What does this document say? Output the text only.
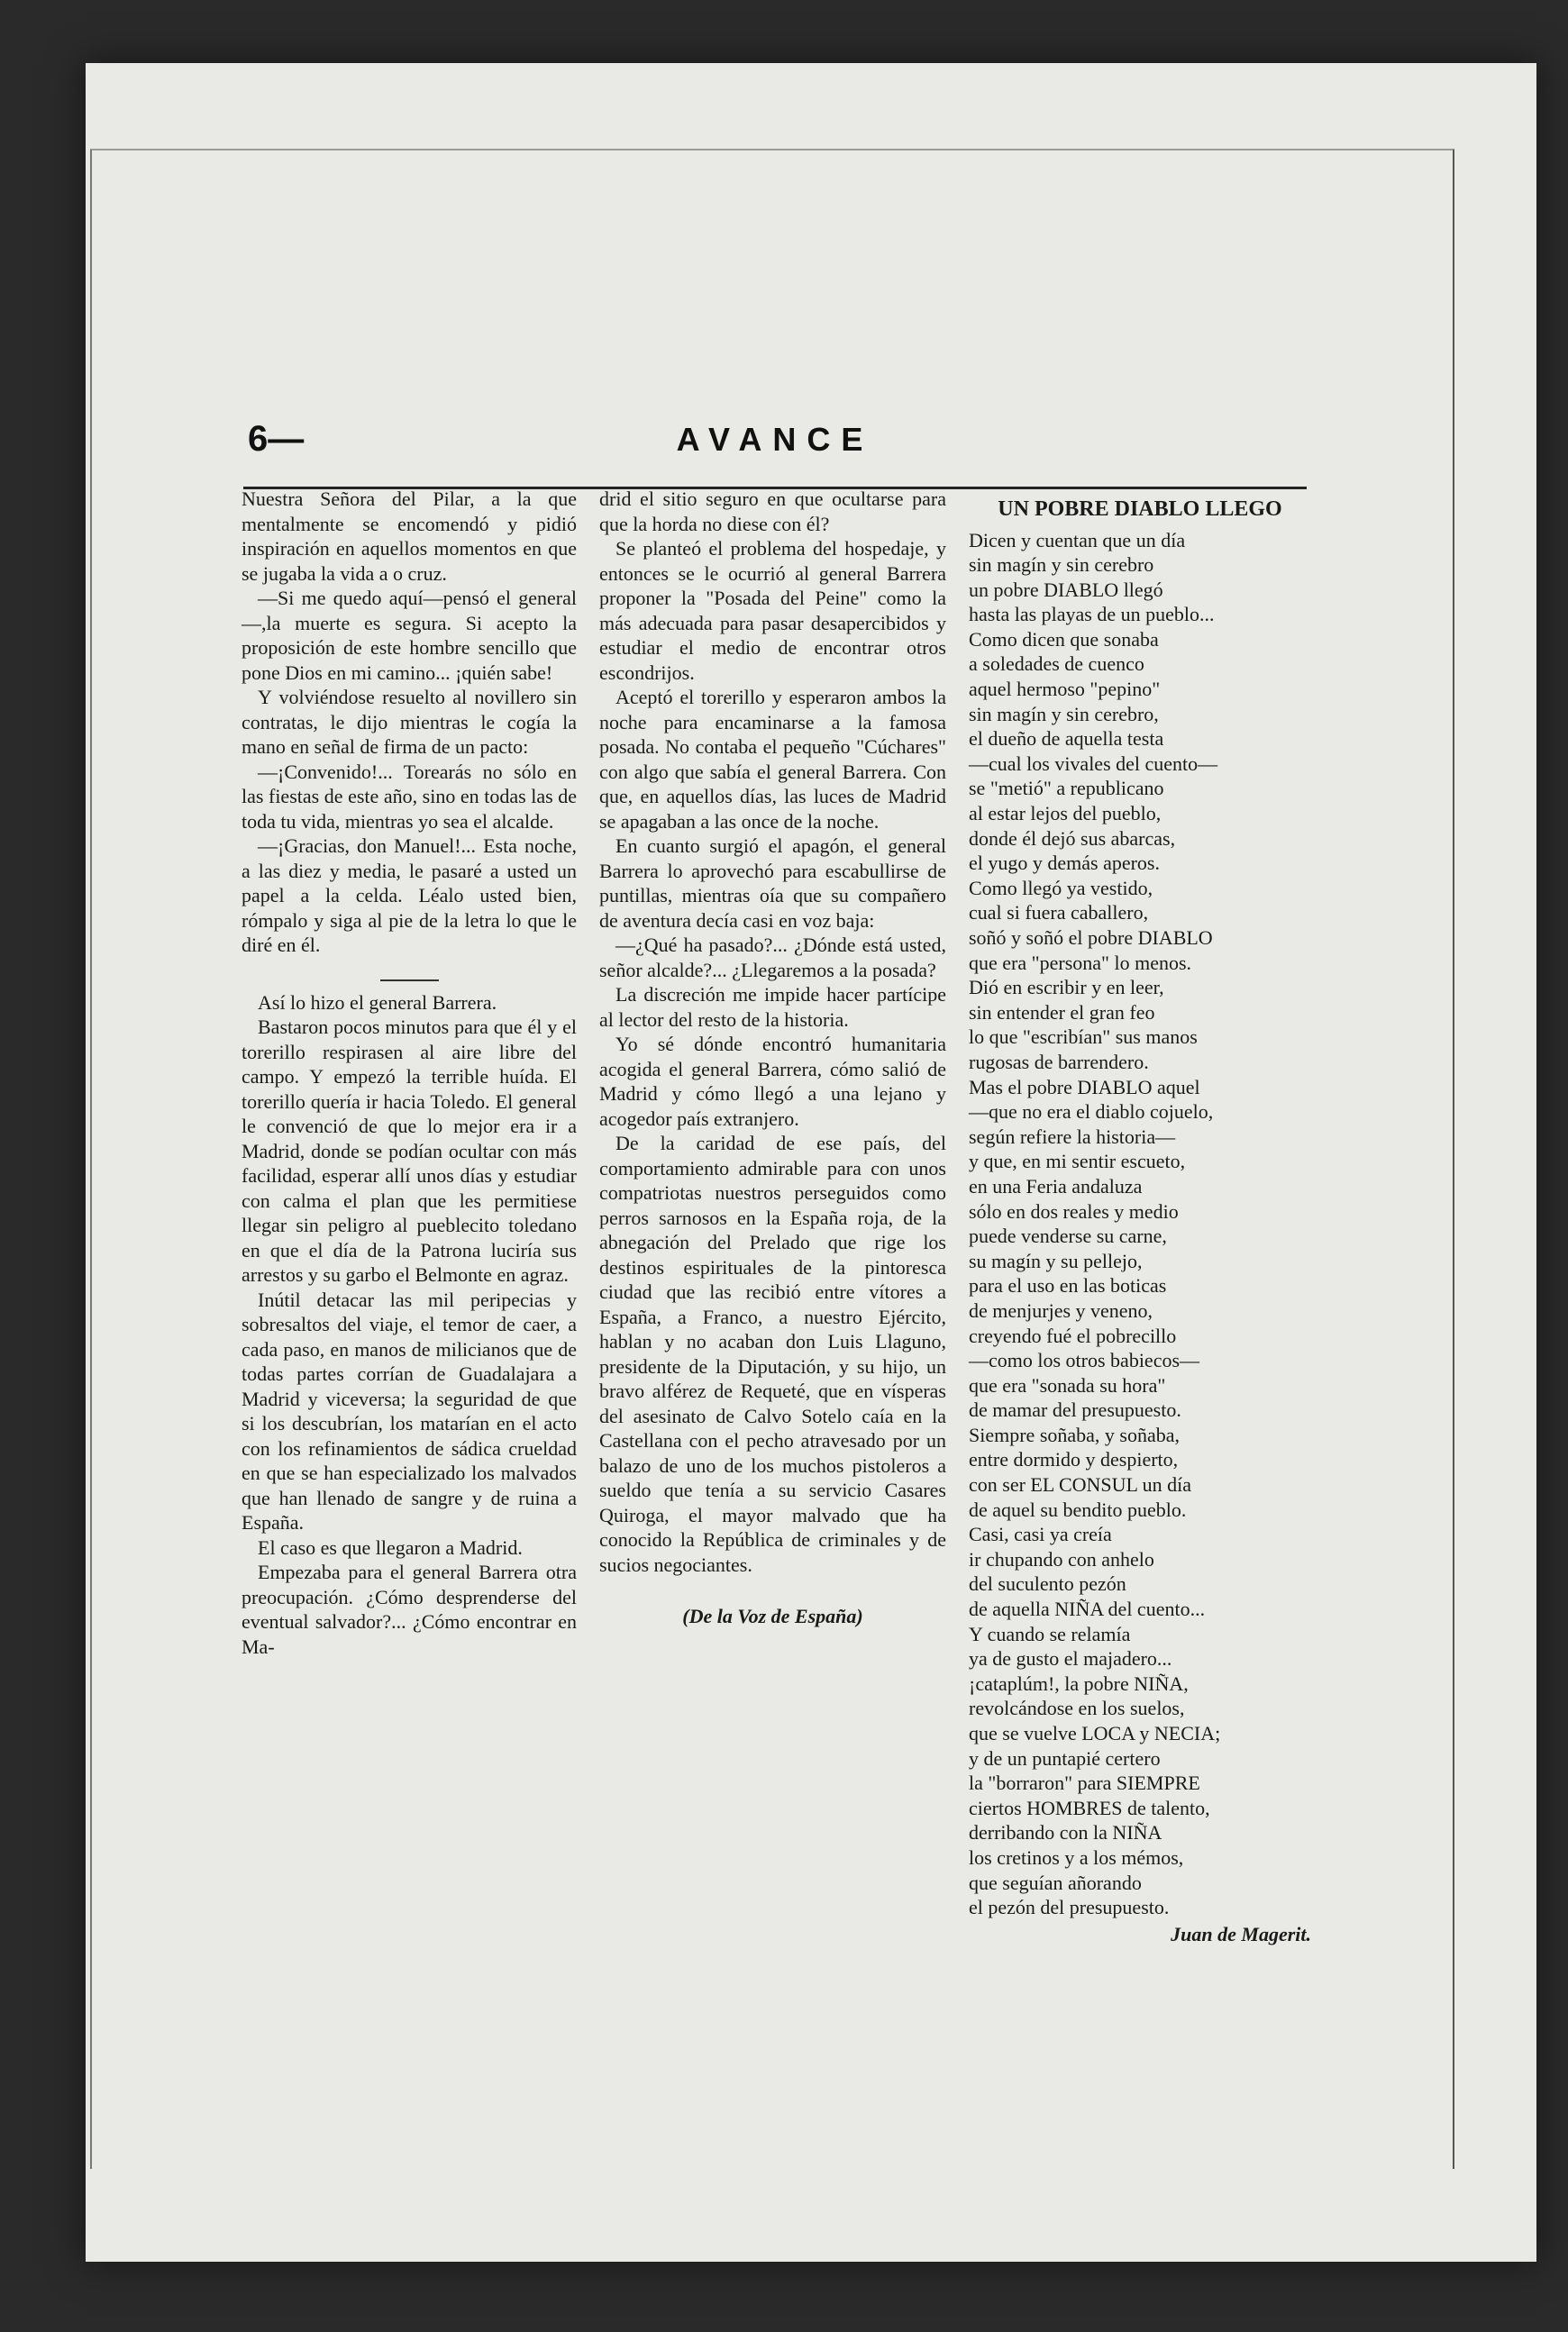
6—	AVANCE

Nuestra Señora del Pilar, a la que mentalmente se encomendó y pidió inspiración en aquellos momentos en que se jugaba la vida a o cruz.

—Si me quedo aquí—pensó el general—,la muerte es segura. Si acepto la proposición de este hombre sencillo que pone Dios en mi camino... ¡quién sabe!

Y volviéndose resuelto al novillero sin contratas, le dijo mientras le cogía la mano en señal de firma de un pacto:

—¡Convenido!... Torearás no sólo en las fiestas de este año, sino en todas las de toda tu vida, mientras yo sea el alcalde.

—¡Gracias, don Manuel!... Esta noche, a las diez y media, le pasaré a usted un papel a la celda. Léalo usted bien, rómpalo y siga al pie de la letra lo que le diré en él.

Así lo hizo el general Barrera.

Bastaron pocos minutos para que él y el torerillo respirasen al aire libre del campo. Y empezó la terrible huída. El torerillo quería ir hacia Toledo. El general le convenció de que lo mejor era ir a Madrid, donde se podían ocultar con más facilidad, esperar allí unos días y estudiar con calma el plan que les permitiese llegar sin peligro al pueblecito toledano en que el día de la Patrona luciría sus arrestos y su garbo el Belmonte en agraz.

Inútil detacar las mil peripecias y sobresaltos del viaje, el temor de caer, a cada paso, en manos de milicianos que de todas partes corrían de Guadalajara a Madrid y viceversa; la seguridad de que si los descubrían, los matarían en el acto con los refinamientos de sádica crueldad en que se han especializado los malvados que han llenado de sangre y de ruina a España.

El caso es que llegaron a Madrid.

Empezaba para el general Barrera otra preocupación. ¿Cómo desprenderse del eventual salvador?... ¿Cómo encontrar en Ma-

drid el sitio seguro en que ocultarse para que la horda no diese con él?

Se planteó el problema del hospedaje, y entonces se le ocurrió al general Barrera proponer la "Posada del Peine" como la más adecuada para pasar desapercibidos y estudiar el medio de encontrar otros escondrijos.

Aceptó el torerillo y esperaron ambos la noche para encaminarse a la famosa posada. No contaba el pequeño "Cúchares" con algo que sabía el general Barrera. Con que, en aquellos días, las luces de Madrid se apagaban a las once de la noche.

En cuanto surgió el apagón, el general Barrera lo aprovechó para escabullirse de puntillas, mientras oía que su compañero de aventura decía casi en voz baja:

—¿Qué ha pasado?... ¿Dónde está usted, señor alcalde?... ¿Llegaremos a la posada?

La discreción me impide hacer partícipe al lector del resto de la historia.

Yo sé dónde encontró humanitaria acogida el general Barrera, cómo salió de Madrid y cómo llegó a una lejano y acogedor país extranjero.

De la caridad de ese país, del comportamiento admirable para con unos compatriotas nuestros perseguidos como perros sarnosos en la España roja, de la abnegación del Prelado que rige los destinos espirituales de la pintoresca ciudad que las recibió entre vítores a España, a Franco, a nuestro Ejército, hablan y no acaban don Luis Llaguno, presidente de la Diputación, y su hijo, un bravo alférez de Requeté, que en vísperas del asesinato de Calvo Sotelo caía en la Castellana con el pecho atravesado por un balazo de uno de los muchos pistoleros a sueldo que tenía a su servicio Casares Quiroga, el mayor malvado que ha conocido la República de criminales y de sucios negociantes.

(De la Voz de España)
UN POBRE DIABLO LLEGO
Dicen y cuentan que un día
sin magín y sin cerebro
un pobre DIABLO llegó
hasta las playas de un pueblo...
Como dicen que sonaba
a soledades de cuenco
aquel hermoso "pepino"
sin magín y sin cerebro,
el dueño de aquella testa
—cual los vivales del cuento—
se "metió" a republicano
al estar lejos del pueblo,
donde él dejó sus abarcas,
el yugo y demás aperos.
Como llegó ya vestido,
cual si fuera caballero,
soñó y soñó el pobre DIABLO
que era "persona" lo menos.
Dió en escribir y en leer,
sin entender el gran feo
lo que "escribían" sus manos
rugosas de barrendero.
Mas el pobre DIABLO aquel
—que no era el diablo cojuelo,
según refiere la historia—
y que, en mi sentir escueto,
en una Feria andaluza
sólo en dos reales y medio
puede venderse su carne,
su magín y su pellejo,
para el uso en las boticas
de menjurjes y veneno,
creyendo fué el pobrecillo
—como los otros babiecos—
que era "sonada su hora"
de mamar del presupuesto.
Siempre soñaba, y soñaba,
entre dormido y despierto,
con ser EL CONSUL un día
de aquel su bendito pueblo.
Casi, casi ya creía
ir chupando con anhelo
del suculento pezón
de aquella NIÑA del cuento...
Y cuando se relamía
ya de gusto el majadero...
¡cataplúm!, la pobre NIÑA,
revolcándose en los suelos,
que se vuelve LOCA y NECIA;
y de un puntapié certero
la "borraron" para SIEMPRE
ciertos HOMBRES de talento,
derribando con la NIÑA
los cretinos y a los mémos,
que seguían añorando
el pezón del presupuesto.
Juan de Magerit.
